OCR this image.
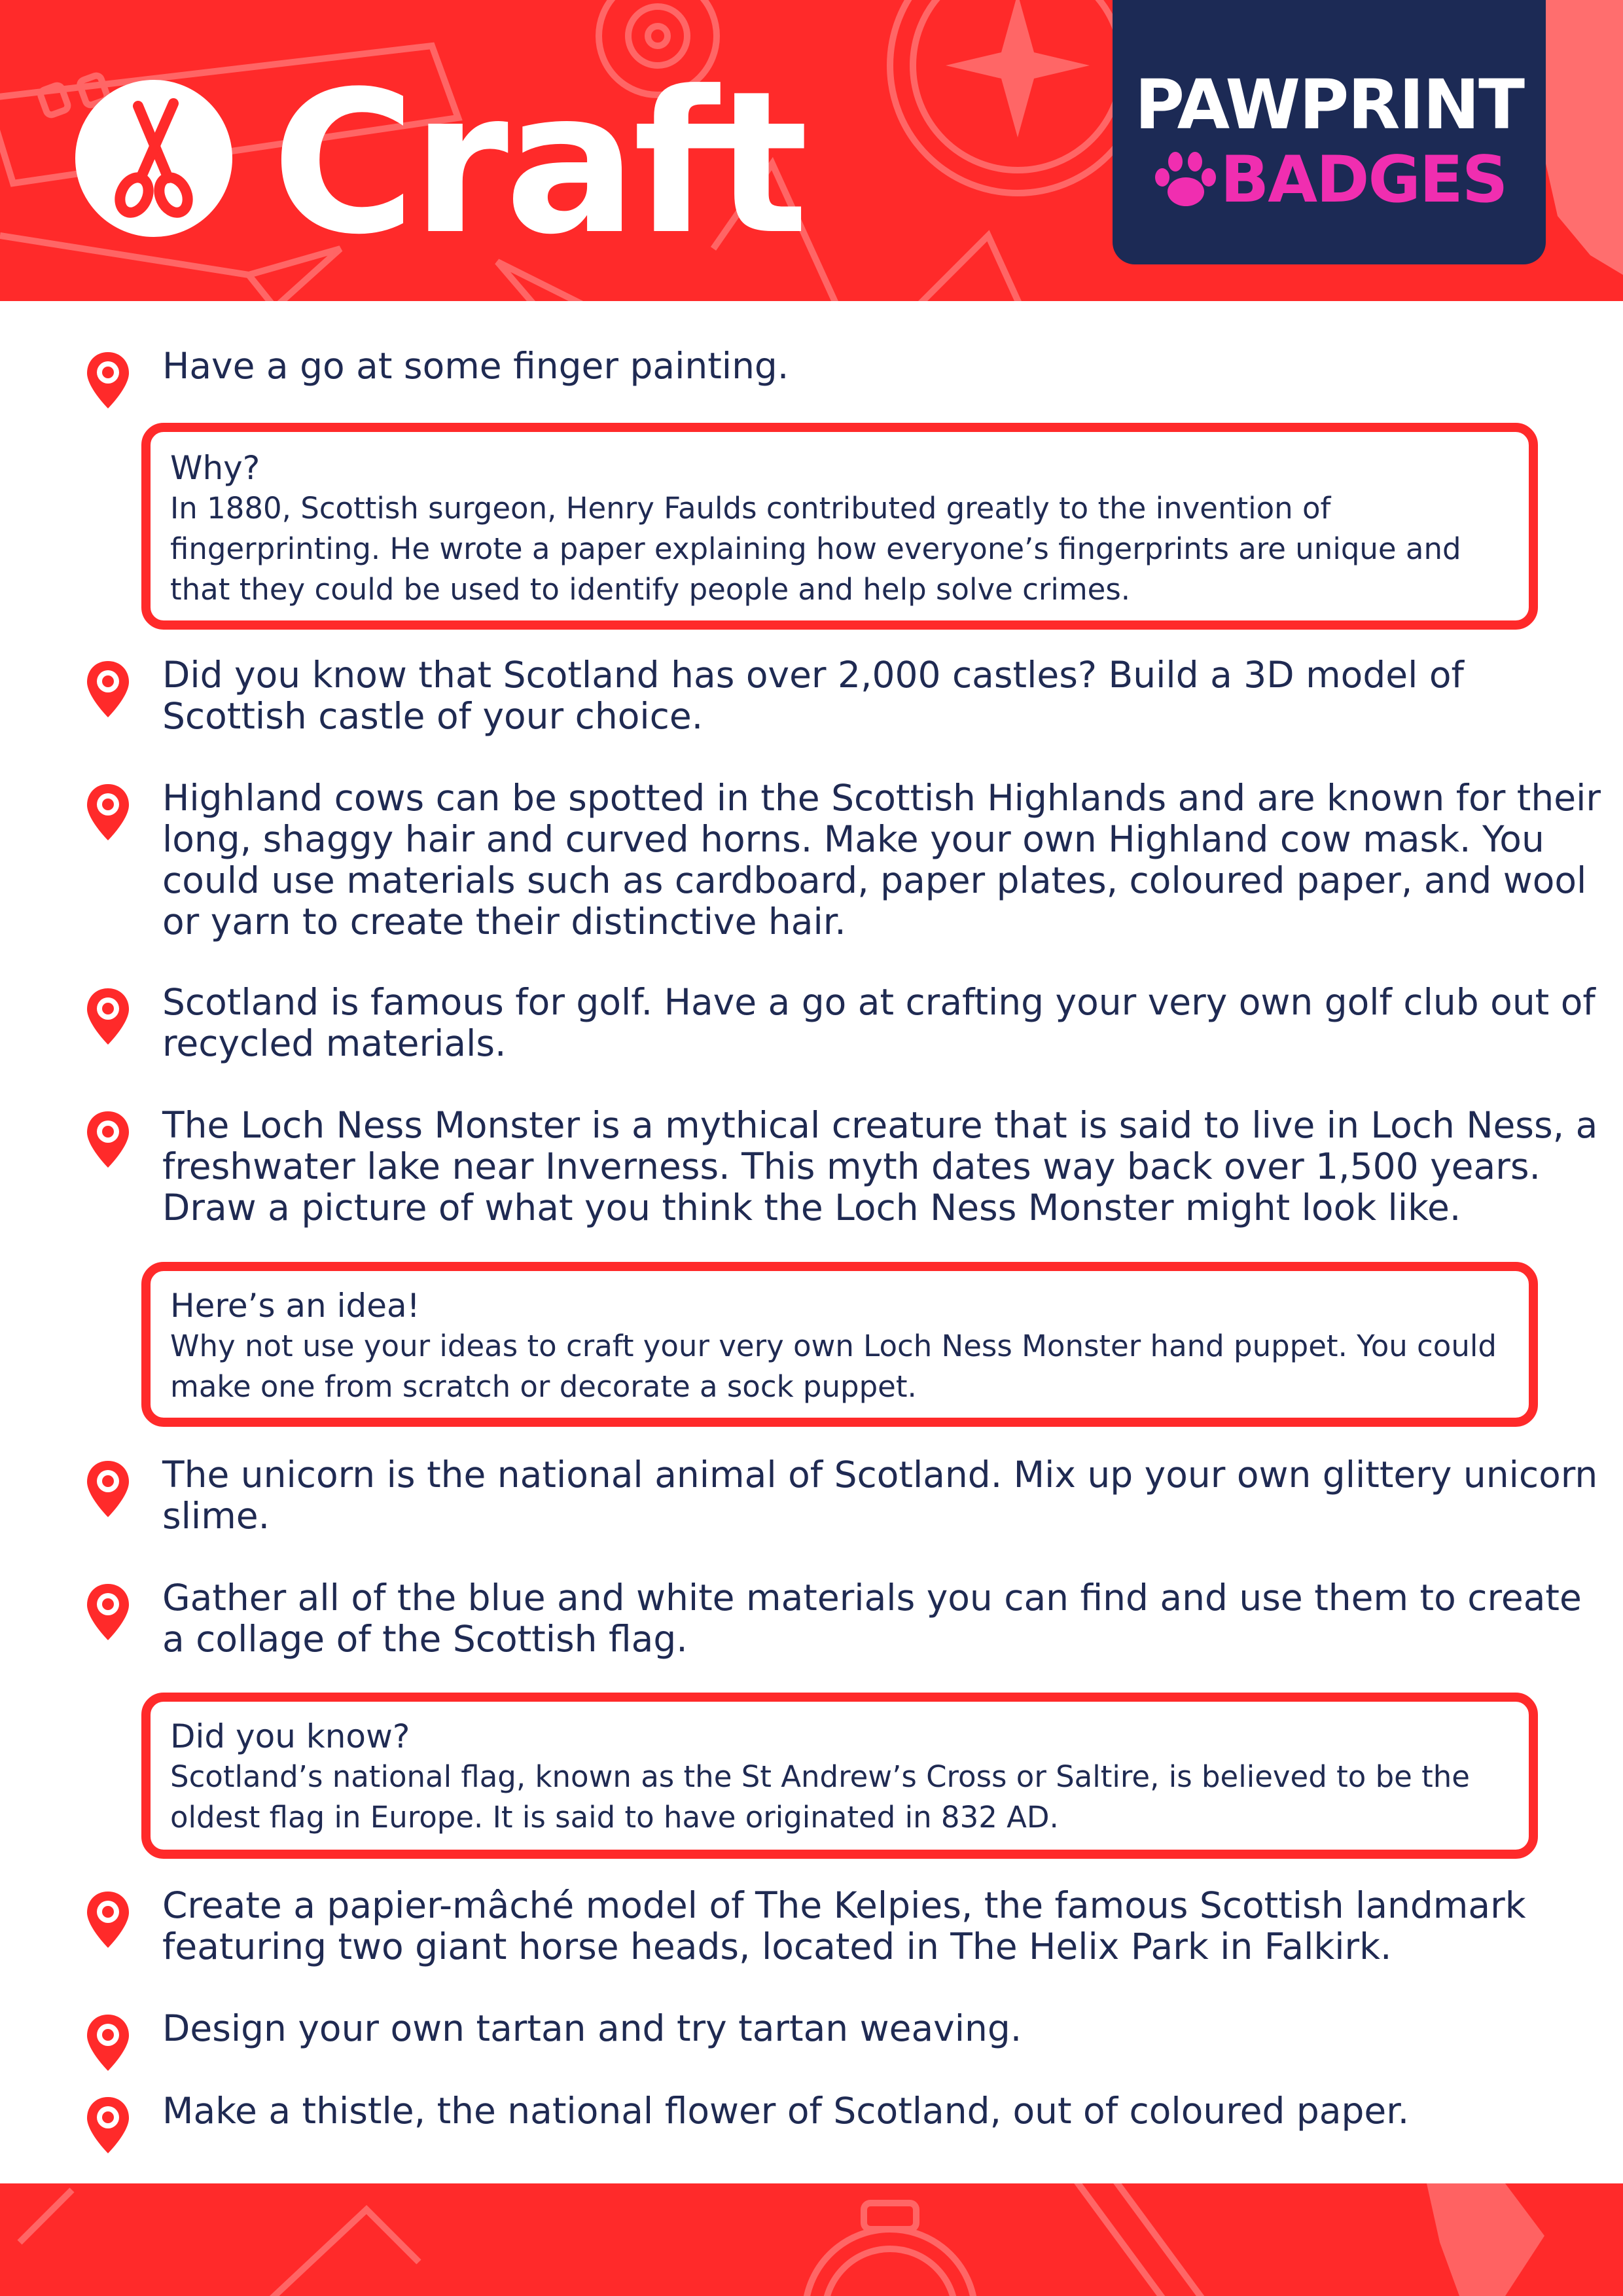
Craft	PAWPRINT
BADGES

Have a go at some finger painting.

Why?

In 1880, Scottish surgeon, Henry Faulds contributed greatly to the invention of fingerprinting. He wrote a paper explaining how everyone’s fingerprints are unique and that they could be used to identify people and help solve crimes.

Did you know that Scotland has over 2,000 castles? Build a 3D model of Scottish castle of your choice.

Highland cows can be spotted in the Scottish Highlands and are known for their long, shaggy hair and curved horns. Make your own Highland cow mask. You could use materials such as cardboard, paper plates, coloured paper, and wool or yarn to create their distinctive hair.

Scotland is famous for golf. Have a go at crafting your very own golf club out of recycled materials.

The Loch Ness Monster is a mythical creature that is said to live in Loch Ness, a freshwater lake near Inverness. This myth dates way back over 1,500 years. Draw a picture of what you think the Loch Ness Monster might look like.

Here’s an idea!

Why not use your ideas to craft your very own Loch Ness Monster hand puppet. You could make one from scratch or decorate a sock puppet.

The unicorn is the national animal of Scotland. Mix up your own glittery unicorn slime.

Gather all of the blue and white materials you can find and use them to create a collage of the Scottish flag.

Did you know?

Scotland’s national flag, known as the St Andrew’s Cross or Saltire, is believed to be the oldest flag in Europe. It is said to have originated in 832 AD.

Create a papier-mâché model of The Kelpies, the famous Scottish landmark featuring two giant horse heads, located in The Helix Park in Falkirk.

Design your own tartan and try tartan weaving.

Make a thistle, the national flower of Scotland, out of coloured paper.
